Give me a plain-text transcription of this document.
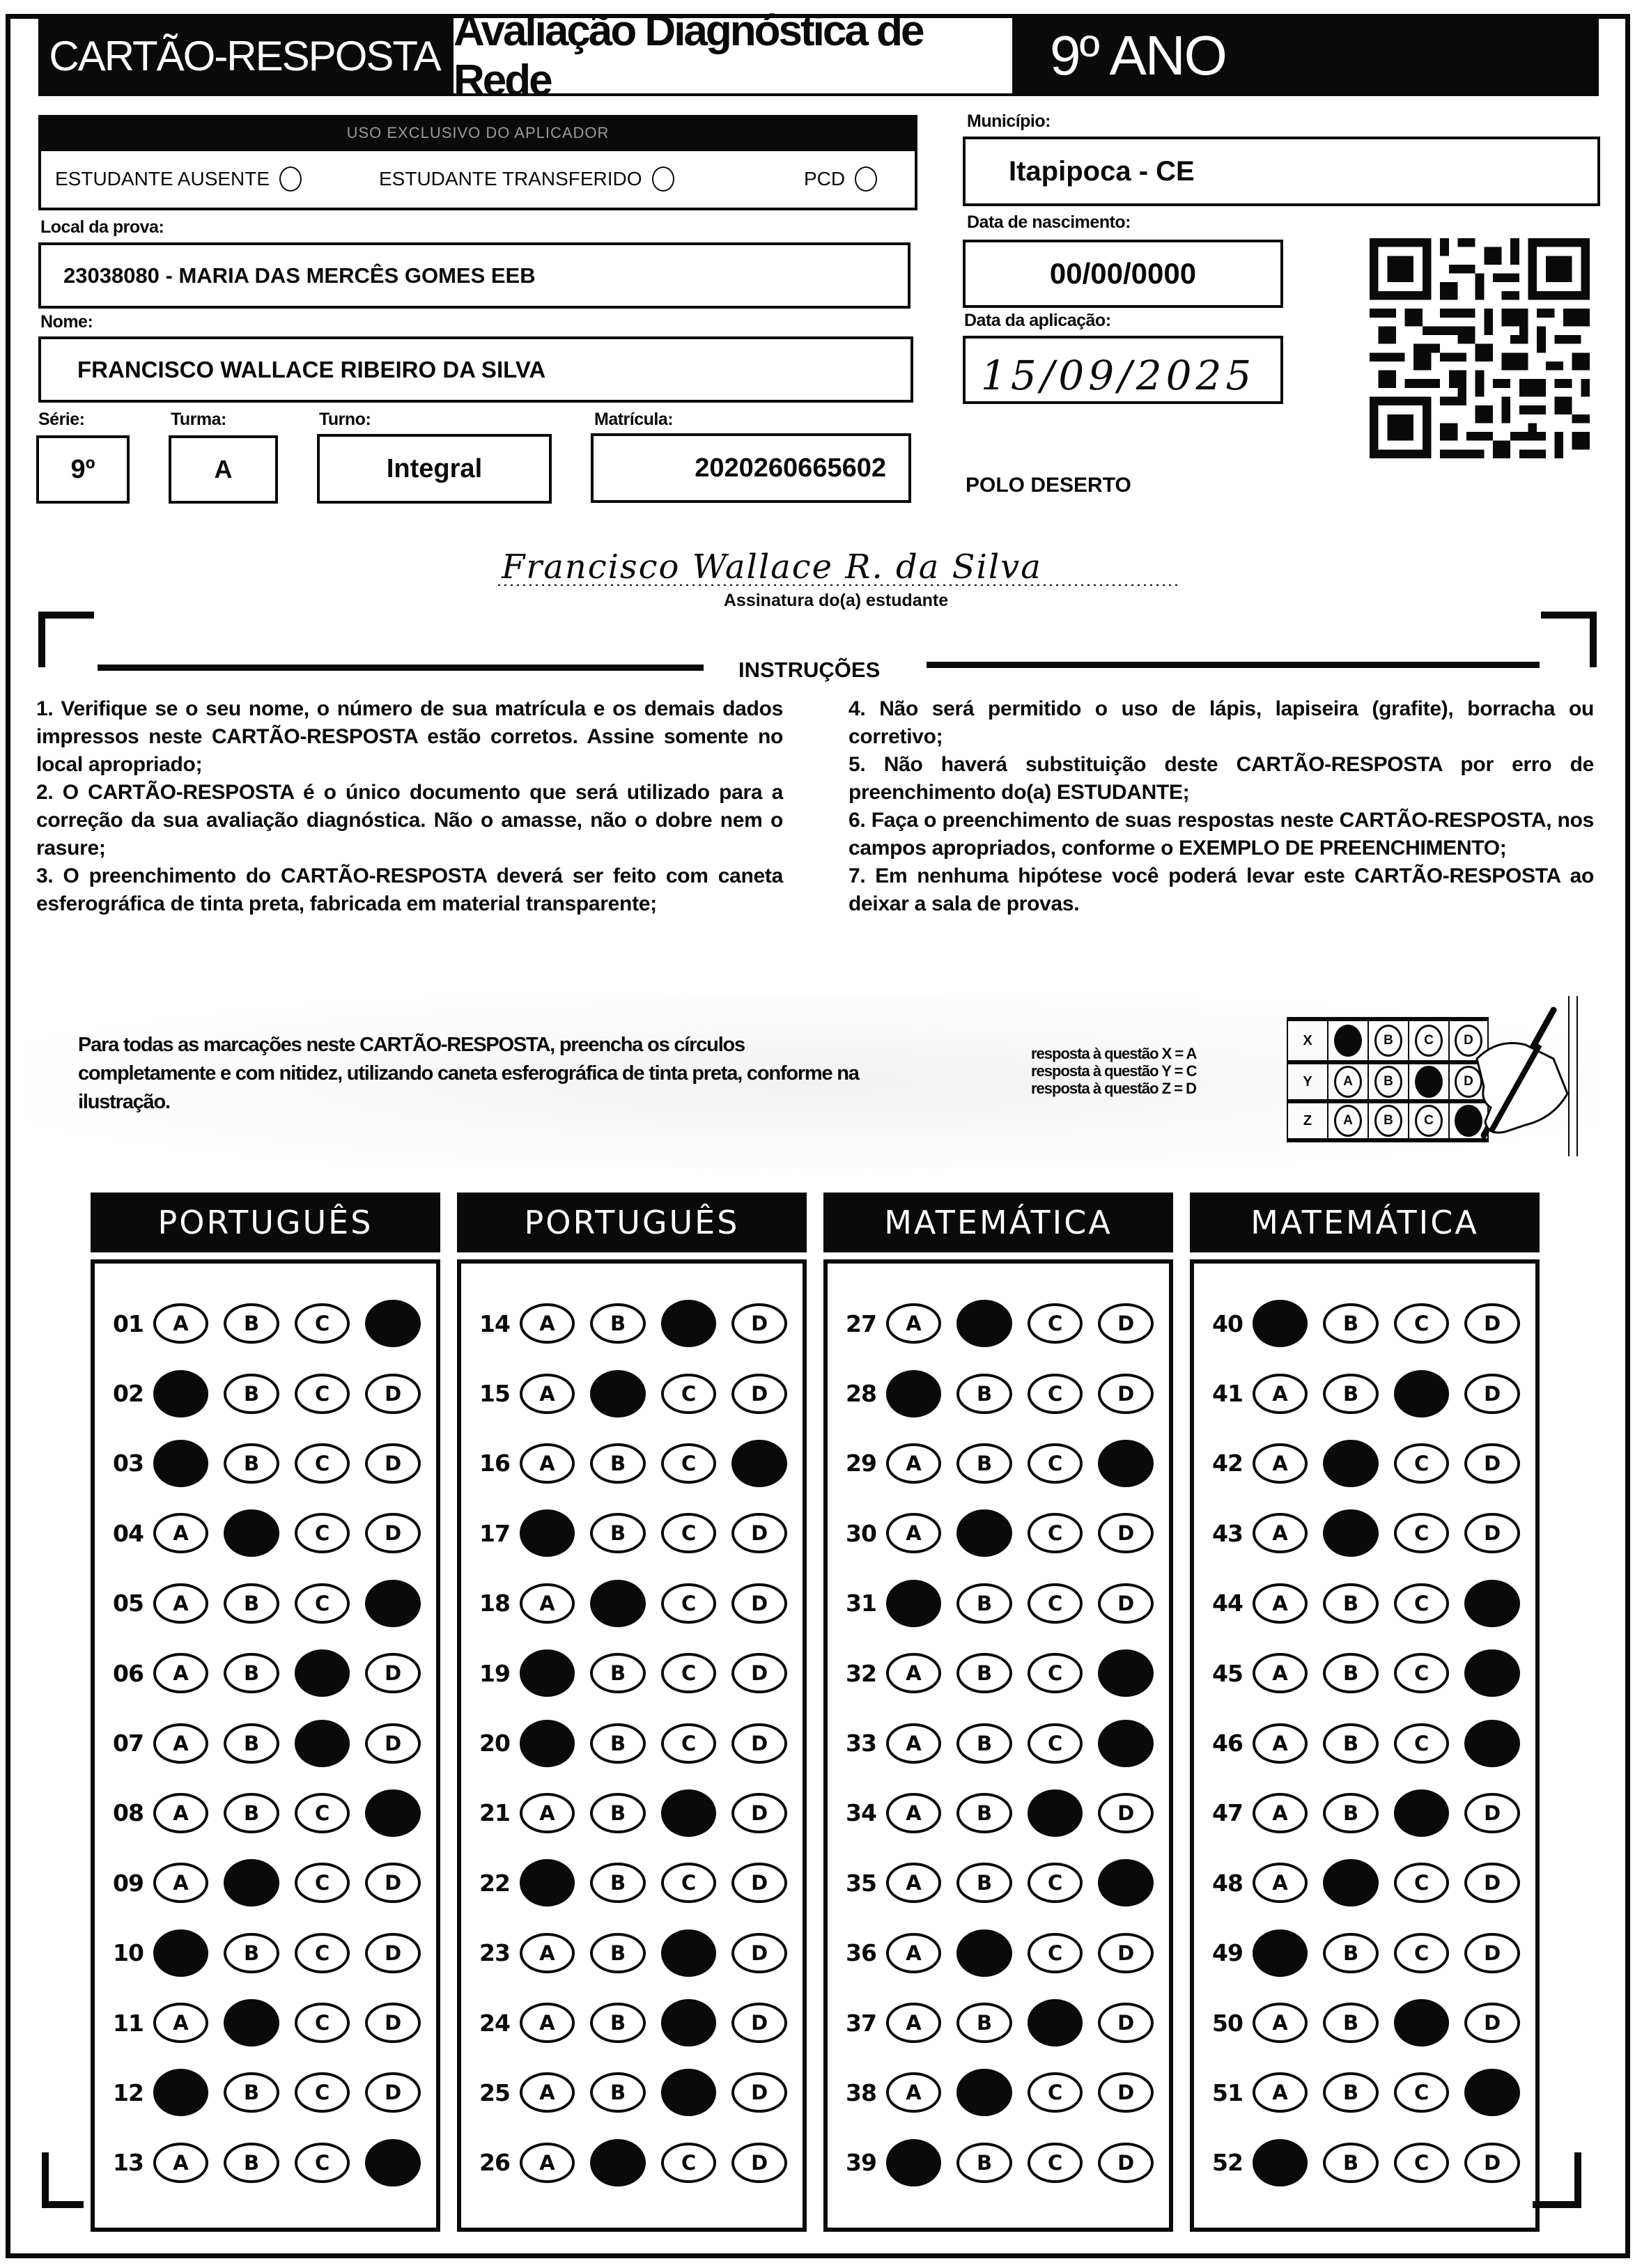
CARTÃO-RESPOSTA
Avaliação Diagnóstica de Rede	9º ANO
USO EXCLUSIVO DO APLICADOR
ESTUDANTE AUSENTE	ESTUDANTE TRANSFERIDO	PCD
Local da prova:
23038080 - MARIA DAS MERCÊS GOMES EEB
Nome:
FRANCISCO WALLACE RIBEIRO DA SILVA
Série:	Turma:	Turno:	Matrícula:
9º	A	Integral	2020260665602
Município:
Itapipoca - CE
Data de nascimento:
00/00/0000
Data da aplicação:
15/09/2025
POLO DESERTO
Francisco Wallace R. da Silva
Assinatura do(a) estudante
INSTRUÇÕES

1. Verifique se o seu nome, o número de sua matrícula e os demais dados impressos neste CARTÃO-RESPOSTA estão corretos. Assine somente no local apropriado;

2. O CARTÃO-RESPOSTA é o único documento que será utilizado para a correção da sua avaliação diagnóstica. Não o amasse, não o dobre nem o rasure;

3. O preenchimento do CARTÃO-RESPOSTA deverá ser feito com caneta esferográfica de tinta preta, fabricada em material transparente;

4. Não será permitido o uso de lápis, lapiseira (grafite), borracha ou corretivo;

5. Não haverá substituição deste CARTÃO-RESPOSTA por erro de preenchimento do(a) ESTUDANTE;

6. Faça o preenchimento de suas respostas neste CARTÃO-RESPOSTA, nos campos apropriados, conforme o EXEMPLO DE PREENCHIMENTO;

7. Em nenhuma hipótese você poderá levar este CARTÃO-RESPOSTA ao deixar a sala de provas.

Para todas as marcações neste CARTÃO-RESPOSTA, preencha os círculos completamente e com nitidez, utilizando caneta esferográfica de tinta preta, conforme na ilustração.
resposta à questão X = A
resposta à questão Y = C
resposta à questão Z = D
X	B	C	D
Y	A	B	D
Z	A	B	C
PORTUGUÊS
01	A	B	C
02	B	C	D
03	B	C	D
04	A	C	D
05	A	B	C
06	A	B	D
07	A	B	D
08	A	B	C
09	A	C	D
10	B	C	D
11	A	C	D
12	B	C	D
13	A	B	C
PORTUGUÊS
14	A	B	D
15	A	C	D
16	A	B	C
17	B	C	D
18	A	C	D
19	B	C	D
20	B	C	D
21	A	B	D
22	B	C	D
23	A	B	D
24	A	B	D
25	A	B	D
26	A	C	D
MATEMÁTICA
27	A	C	D
28	B	C	D
29	A	B	C
30	A	C	D
31	B	C	D
32	A	B	C
33	A	B	C
34	A	B	D
35	A	B	C
36	A	C	D
37	A	B	D
38	A	C	D
39	B	C	D
MATEMÁTICA
40	B	C	D
41	A	B	D
42	A	C	D
43	A	C	D
44	A	B	C
45	A	B	C
46	A	B	C
47	A	B	D
48	A	C	D
49	B	C	D
50	A	B	D
51	A	B	C
52	B	C	D
